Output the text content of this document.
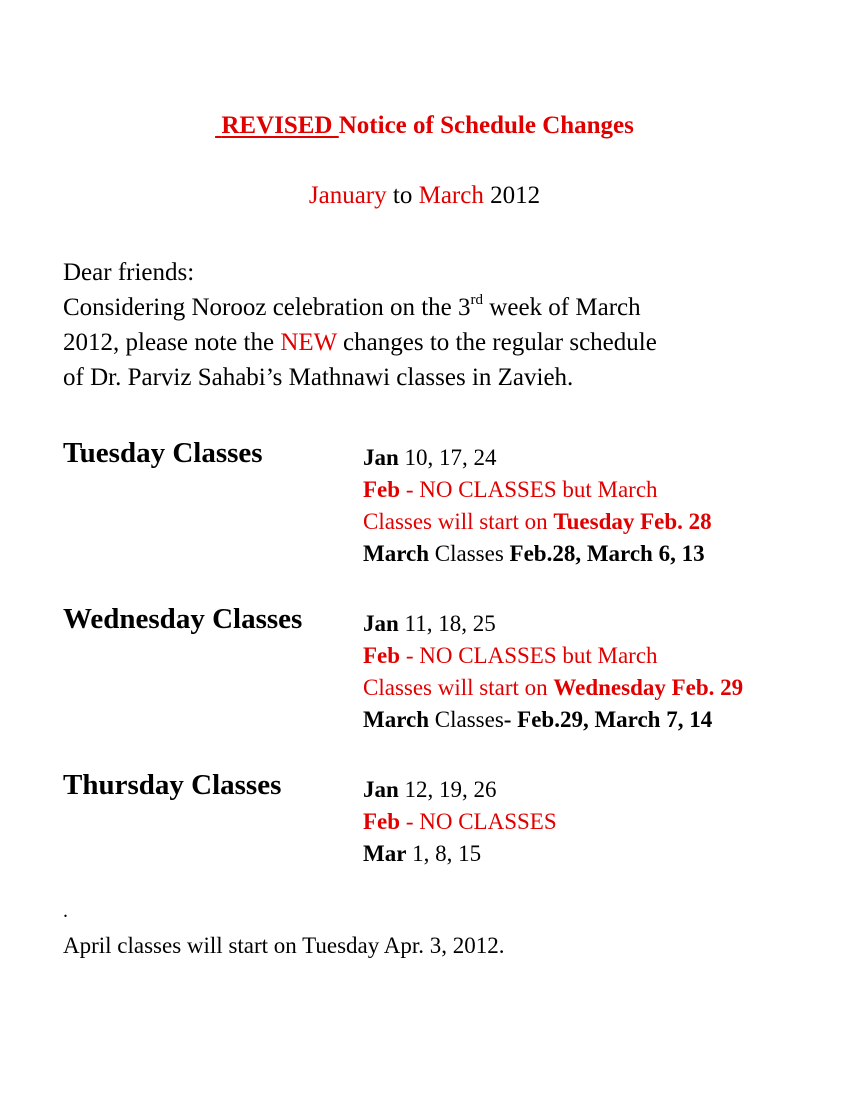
REVISED Notice of Schedule Changes
January to March 2012

Dear friends:

Considering Norooz celebration on the 3rd week of March

2012, please note the NEW changes to the regular schedule

of Dr. Parviz Sahabi’s Mathnawi classes in Zavieh.

Tuesday Classes	Jan 10, 17, 24
Feb - NO CLASSES but March
Classes will start on Tuesday Feb. 28
March Classes Feb.28, March 6, 13
Wednesday Classes	Jan 11, 18, 25
Feb - NO CLASSES but March
Classes will start on Wednesday Feb. 29
March Classes- Feb.29, March 7, 14
Thursday Classes	Jan 12, 19, 26
Feb - NO CLASSES
Mar 1, 8, 15
.
April classes will start on Tuesday Apr. 3, 2012.
